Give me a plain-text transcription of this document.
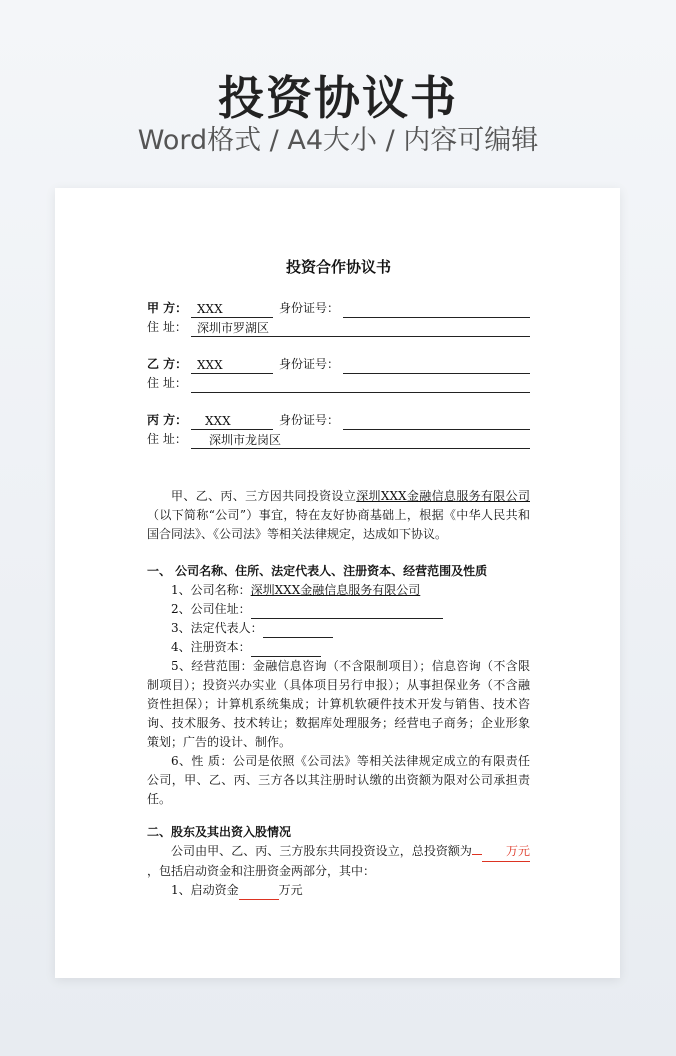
投资协议书
Word格式 / A4大小 / 内容可编辑
投资合作协议书
甲 方： XXX	身份证号：
住 址： 深圳市罗湖区
乙 方： XXX	身份证号：
住 址：
丙 方：	XXX	身份证号：
住 址：	深圳市龙岗区

甲、乙、丙、三方因共同投资设立深圳XXX金融信息服务有限公司（以下简称“公司”）事宜，特在友好协商基础上，根据《中华人民共和国合同法》、《公司法》等相关法律规定，达成如下协议。

一、 公司名称、住所、法定代表人、注册资本、经营范围及性质
1、公司名称：深圳XXX金融信息服务有限公司
2、公司住址：
3、法定代表人：
4、注册资本：

5、经营范围：金融信息咨询（不含限制项目）；信息咨询（不含限制项目）；投资兴办实业（具体项目另行申报）；从事担保业务（不含融资性担保）；计算机系统集成；计算机软硬件技术开发与销售、技术咨询、技术服务、技术转让；数据库处理服务；经营电子商务；企业形象策划；广告的设计、制作。

6、性 质：公司是依照《公司法》等相关法律规定成立的有限责任公司，甲、乙、丙、三方各以其注册时认缴的出资额为限对公司承担责任。

二、股东及其出资入股情况

公司由甲、乙、丙、三方股东共同投资设立，总投资额为	万元，包括启动资金和注册资金两部分，其中：

1、启动资金	万元
